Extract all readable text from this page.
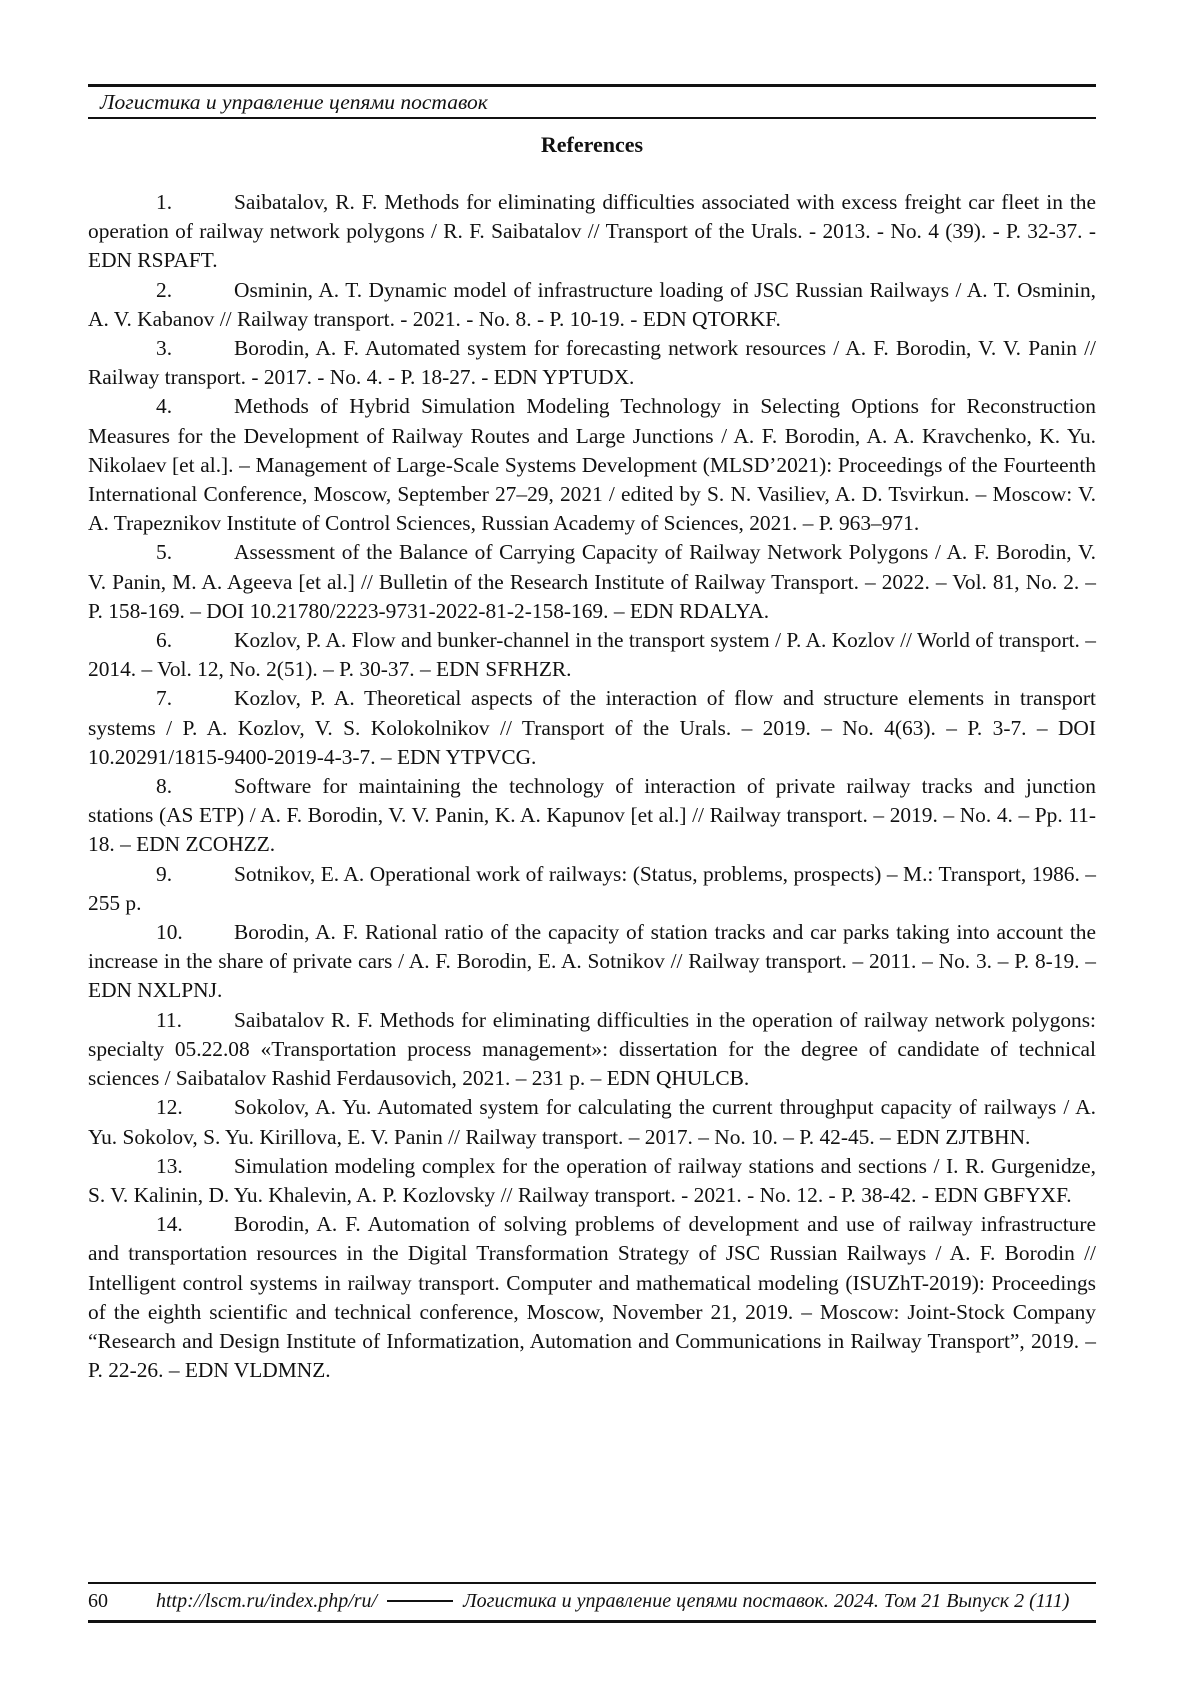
Логистика и управление цепями поставок
References
1.	Saibatalov, R. F. Methods for eliminating difficulties associated with excess freight car fleet in the operation of railway network polygons / R. F. Saibatalov // Transport of the Urals. - 2013. - No. 4 (39). - P. 32-37. - EDN RSPAFT.
2.	Osminin, A. T. Dynamic model of infrastructure loading of JSC Russian Railways / A. T. Osminin, A. V. Kabanov // Railway transport. - 2021. - No. 8. - P. 10-19. - EDN QTORKF.
3.	Borodin, A. F. Automated system for forecasting network resources / A. F. Borodin, V. V. Panin // Railway transport. - 2017. - No. 4. - P. 18-27. - EDN YPTUDX.
4.	Methods of Hybrid Simulation Modeling Technology in Selecting Options for Reconstruction Measures for the Development of Railway Routes and Large Junctions / A. F. Borodin, A. A. Kravchenko, K. Yu. Nikolaev [et al.]. – Management of Large-Scale Systems Development (MLSD’2021): Proceedings of the Fourteenth International Conference, Moscow, September 27–29, 2021 / edited by S. N. Vasiliev, A. D. Tsvirkun. – Moscow: V. A. Trapeznikov Institute of Control Sciences, Russian Academy of Sciences, 2021. – P. 963–971.
5.	Assessment of the Balance of Carrying Capacity of Railway Network Polygons / A. F. Borodin, V. V. Panin, M. A. Ageeva [et al.] // Bulletin of the Research Institute of Railway Transport. – 2022. – Vol. 81, No. 2. – P. 158-169. – DOI 10.21780/2223-9731-2022-81-2-158-169. – EDN RDALYA.
6.	Kozlov, P. A. Flow and bunker-channel in the transport system / P. A. Kozlov // World of transport. – 2014. – Vol. 12, No. 2(51). – P. 30-37. – EDN SFRHZR.
7.	Kozlov, P. A. Theoretical aspects of the interaction of flow and structure elements in transport systems / P. A. Kozlov, V. S. Kolokolnikov // Transport of the Urals. – 2019. – No. 4(63). – P. 3-7. – DOI 10.20291/1815-9400-2019-4-3-7. – EDN YTPVCG.
8.	Software for maintaining the technology of interaction of private railway tracks and junction stations (AS ETP) / A. F. Borodin, V. V. Panin, K. A. Kapunov [et al.] // Railway transport. – 2019. – No. 4. – Pp. 11-18. – EDN ZCOHZZ.
9.	Sotnikov, E. A. Operational work of railways: (Status, problems, prospects) – M.: Transport, 1986. – 255 p.
10. Borodin, A. F. Rational ratio of the capacity of station tracks and car parks taking into account the increase in the share of private cars / A. F. Borodin, E. A. Sotnikov // Railway transport. – 2011. – No. 3. – P. 8-19. – EDN NXLPNJ.
11. Saibatalov R. F. Methods for eliminating difficulties in the operation of railway network polygons: specialty 05.22.08 «Transportation process management»: dissertation for the degree of candidate of technical sciences / Saibatalov Rashid Ferdausovich, 2021. – 231 p. – EDN QHULCB.
12. Sokolov, A. Yu. Automated system for calculating the current throughput capacity of railways / A. Yu. Sokolov, S. Yu. Kirillova, E. V. Panin // Railway transport. – 2017. – No. 10. – P. 42-45. – EDN ZJTBHN.
13. Simulation modeling complex for the operation of railway stations and sections / I. R. Gurgenidze, S. V. Kalinin, D. Yu. Khalevin, A. P. Kozlovsky // Railway transport. - 2021. - No. 12. - P. 38-42. - EDN GBFYXF.
14. Borodin, A. F. Automation of solving problems of development and use of railway infrastructure and transportation resources in the Digital Transformation Strategy of JSC Russian Railways / A. F. Borodin // Intelligent control systems in railway transport. Computer and mathematical modeling (ISUZhT-2019): Proceedings of the eighth scientific and technical conference, Moscow, November 21, 2019. – Moscow: Joint-Stock Company “Research and Design Institute of Informatization, Automation and Communications in Railway Transport”, 2019. – P. 22-26. – EDN VLDMNZ.
60	http://lscm.ru/index.php/ru/	Логистика и управление цепями поставок. 2024. Том 21 Выпуск 2 (111)
